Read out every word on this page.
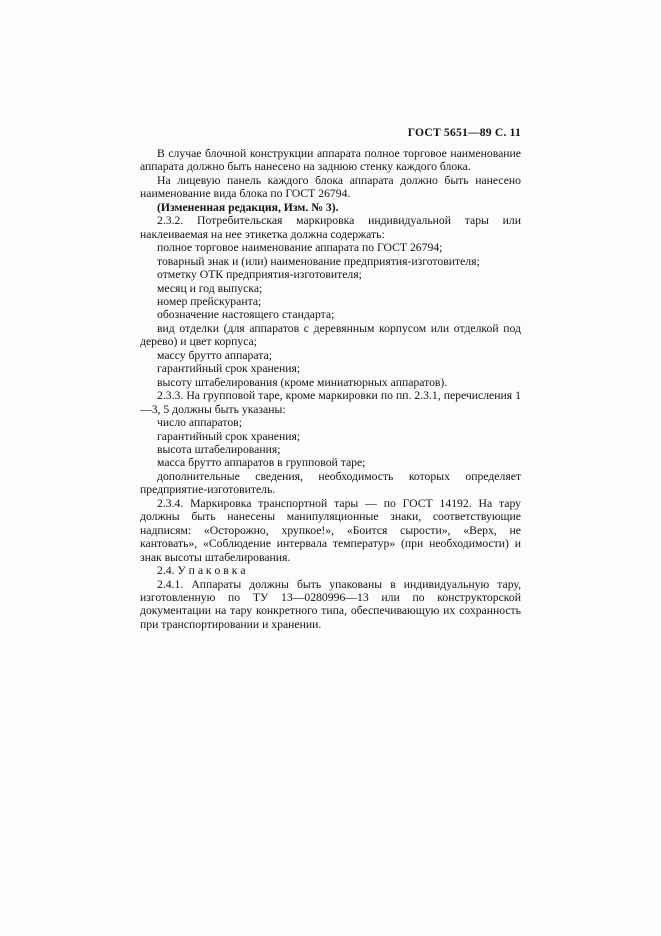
ГОСТ 5651—89 С. 11

В случае блочной конструкции аппарата полное торговое наименование аппарата должно быть нанесено на заднюю стенку каждого блока.

На лицевую панель каждого блока аппарата должно быть нанесено наименование вида блока по ГОСТ 26794.

(Измененная редакция, Изм. № 3).

2.3.2. Потребительская маркировка индивидуальной тары или наклеиваемая на нее этикетка должна содержать:

полное торговое наименование аппарата по ГОСТ 26794;

товарный знак и (или) наименование предприятия-изготовителя;

отметку ОТК предприятия-изготовителя;

месяц и год выпуска;

номер прейскуранта;

обозначение настоящего стандарта;

вид отделки (для аппаратов с деревянным корпусом или отделкой под дерево) и цвет корпуса;

массу брутто аппарата;

гарантийный срок хранения;

высоту штабелирования (кроме миниатюрных аппаратов).

2.3.3. На групповой таре, кроме маркировки по пп. 2.3.1, перечисления 1—3, 5 должны быть указаны:

число аппаратов;

гарантийный срок хранения;

высота штабелирования;

масса брутто аппаратов в групповой таре;

дополнительные сведения, необходимость которых определяет предприятие-изготовитель.

2.3.4. Маркировка транспортной тары — по ГОСТ 14192. На тару должны быть нанесены манипуляционные знаки, соответствующие надписям: «Осторожно, хрупкое!», «Боится сырости», «Верх, не кантовать», «Соблюдение интервала температур» (при необходимости) и знак высоты штабелирования.

2.4. У п а к о в к а

2.4.1. Аппараты должны быть упакованы в индивидуальную тару, изготовленную по ТУ 13—0280996—13 или по конструкторской документации на тару конкретного типа, обеспечивающую их сохранность при транспортировании и хранении.
